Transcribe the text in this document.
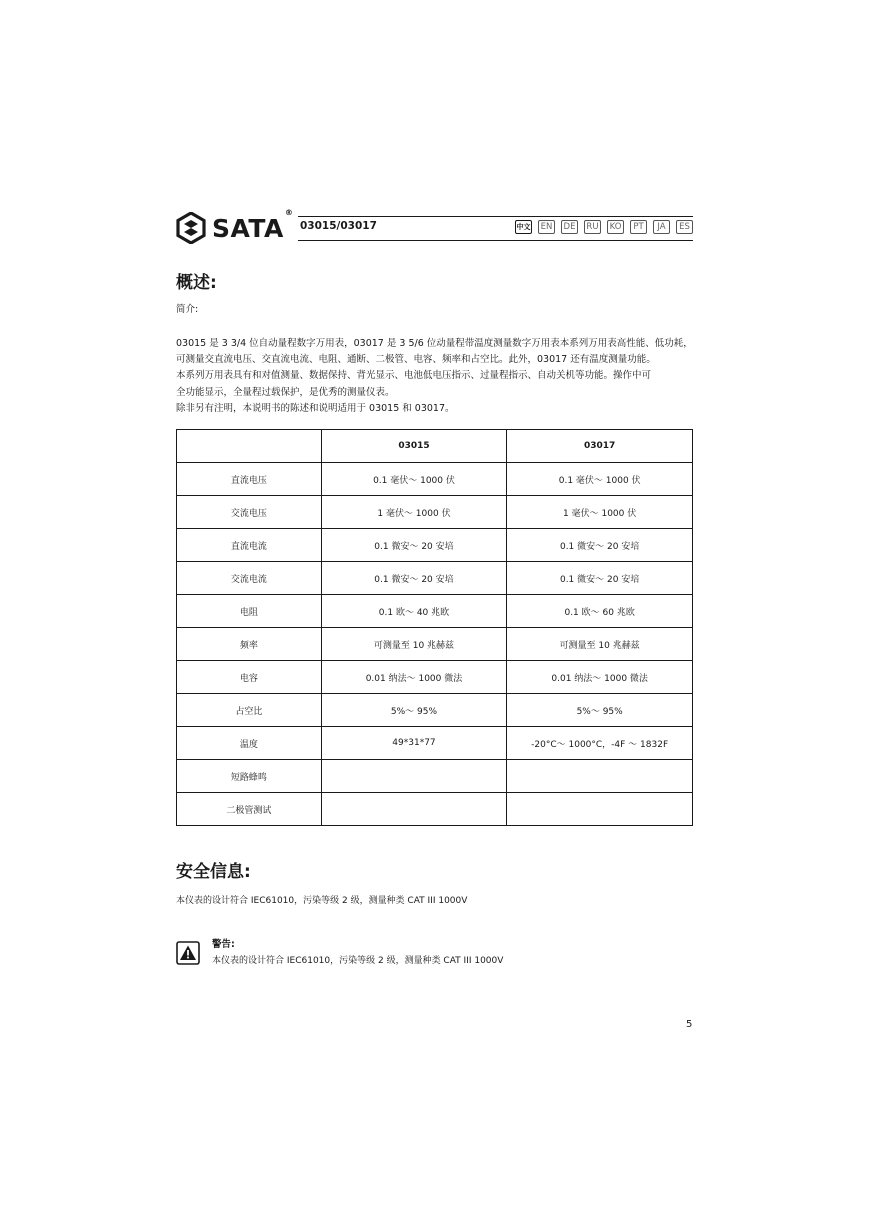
SATA®
03015/03017	中文	EN	DE RU	KO	PT	JA	ES
概述:

简介:

03015 是 3 3/4 位自动量程数字万用表，03017 是 3 5/6 位动量程带温度测量数字万用表本系列万用表高性能、低功耗，

可测量交直流电压、交直流电流、电阻、通断、二极管、电容、频率和占空比。此外，03017 还有温度测量功能。

本系列万用表具有和对值测量、数据保持、背光显示、电池低电压指示、过量程指示、自动关机等功能。操作中可

全功能显示，全量程过载保护，是优秀的测量仪表。

除非另有注明，本说明书的陈述和说明适用于 03015 和 03017。

	03015	03017
直流电压	0.1 毫伏～ 1000 伏	0.1 毫伏～ 1000 伏
交流电压	1 毫伏～ 1000 伏	1 毫伏～ 1000 伏
直流电流	0.1 微安～ 20 安培	0.1 微安～ 20 安培
交流电流	0.1 微安～ 20 安培	0.1 微安～ 20 安培
电阻	0.1 欧～ 40 兆欧	0.1 欧～ 60 兆欧
频率	可测量至 10 兆赫兹	可测量至 10 兆赫兹
电容	0.01 纳法～ 1000 微法	0.01 纳法～ 1000 微法
占空比	5%～ 95%	5%～ 95%
温度	49*31*77	-20°C～ 1000°C，-4F ～ 1832F
短路蜂鸣		
二极管测试		
安全信息:

本仪表的设计符合 IEC61010，污染等级 2 级，测量种类 CAT III 1000V

警告:

本仪表的设计符合 IEC61010，污染等级 2 级，测量种类 CAT III 1000V

5
